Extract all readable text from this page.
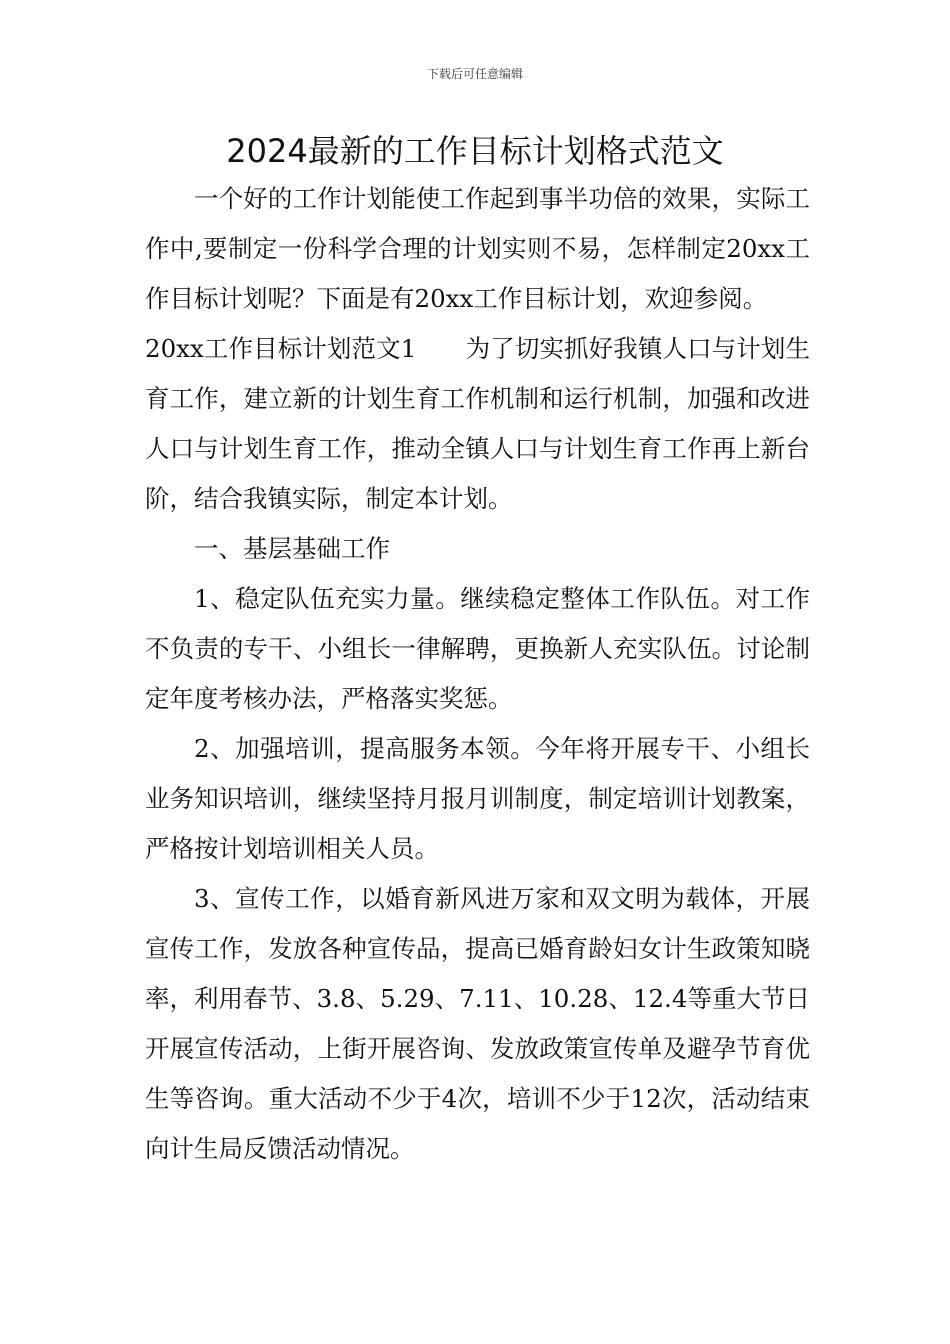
下载后可任意编辑
2024最新的工作目标计划格式范文

一个好的工作计划能使工作起到事半功倍的效果，实际工作中,要制定一份科学合理的计划实则不易，怎样制定20xx工作目标计划呢？下面是有20xx工作目标计划，欢迎参阅。

20xx工作目标计划范文1　　为了切实抓好我镇人口与计划生育工作，建立新的计划生育工作机制和运行机制，加强和改进人口与计划生育工作，推动全镇人口与计划生育工作再上新台阶，结合我镇实际，制定本计划。

一、基层基础工作

1、稳定队伍充实力量。继续稳定整体工作队伍。对工作不负责的专干、小组长一律解聘，更换新人充实队伍。讨论制定年度考核办法，严格落实奖惩。

2、加强培训，提高服务本领。今年将开展专干、小组长业务知识培训，继续坚持月报月训制度，制定培训计划教案，严格按计划培训相关人员。

3、宣传工作，以婚育新风进万家和双文明为载体，开展宣传工作，发放各种宣传品，提高已婚育龄妇女计生政策知晓率，利用春节、3.8、5.29、7.11、10.28、12.4等重大节日开展宣传活动，上街开展咨询、发放政策宣传单及避孕节育优生等咨询。重大活动不少于4次，培训不少于12次，活动结束向计生局反馈活动情况。
